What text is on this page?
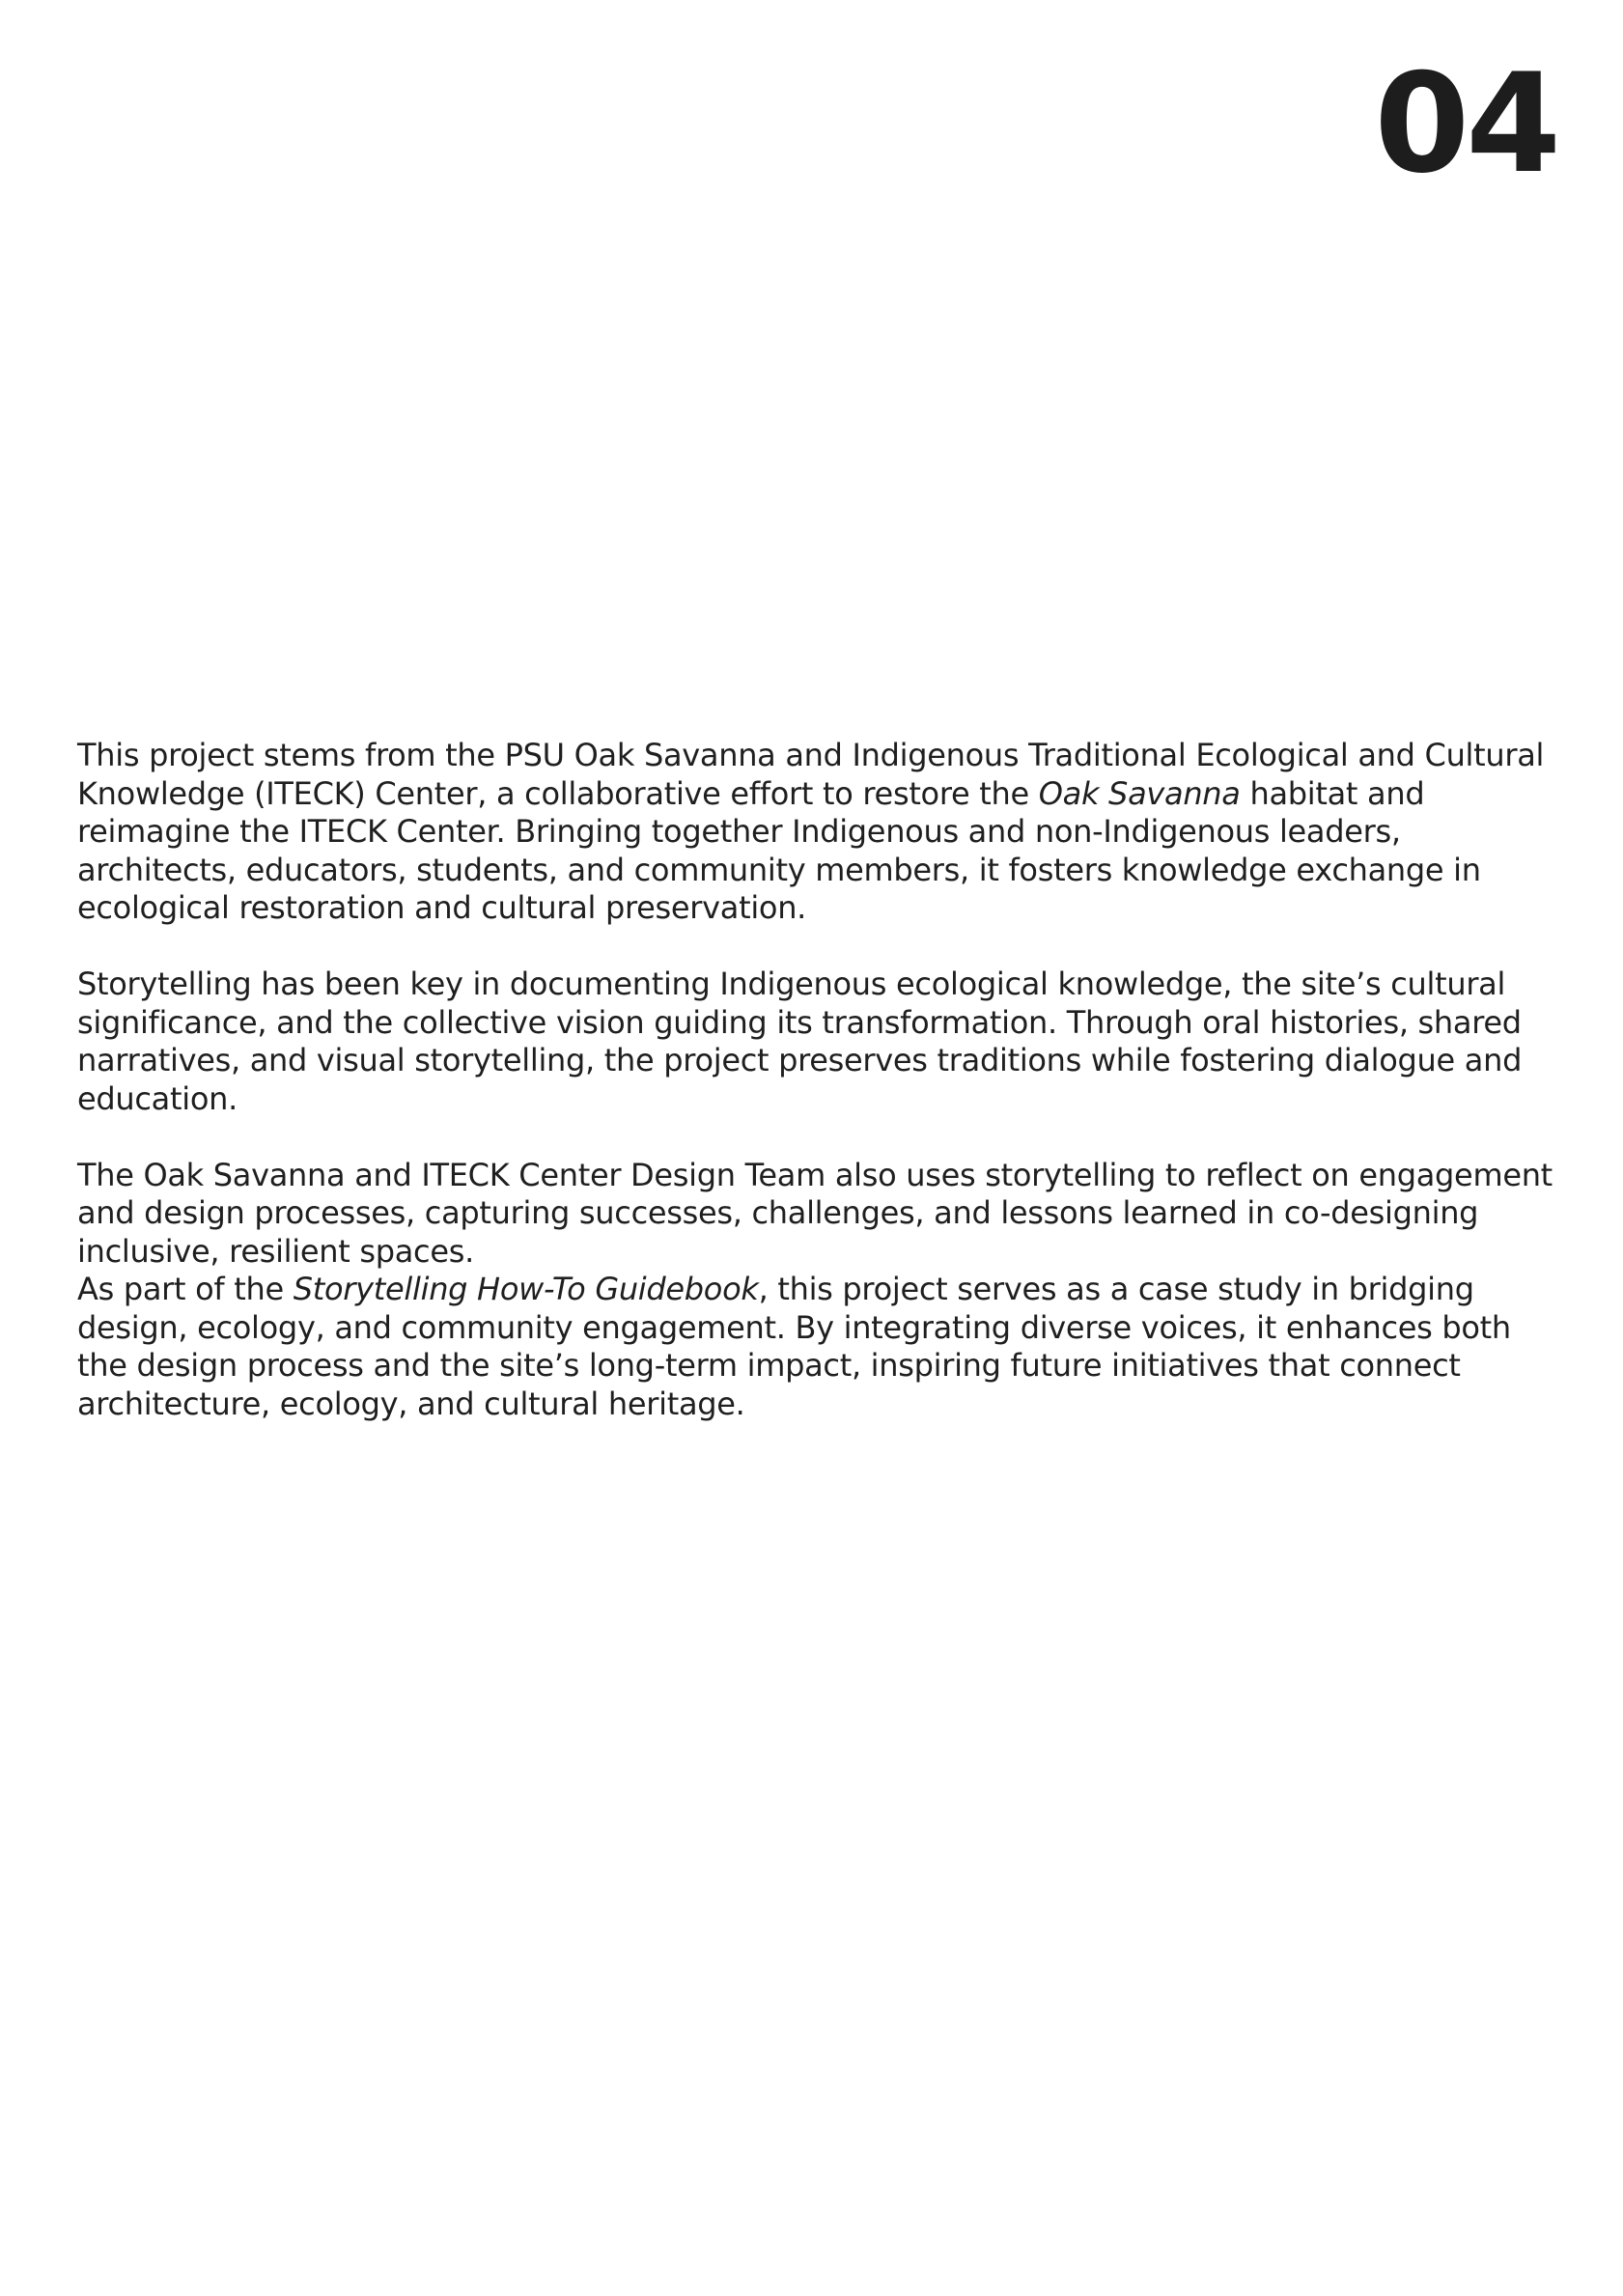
04

This project stems from the PSU Oak Savanna and Indigenous Traditional Ecological and Cultural Knowledge (ITECK) Center, a collaborative effort to restore the Oak Savanna habitat and reimagine the ITECK Center. Bringing together Indigenous and non-Indigenous leaders, architects, educators, students, and community members, it fosters knowledge exchange in ecological restoration and cultural preservation.

Storytelling has been key in documenting Indigenous ecological knowledge, the site’s cultural significance, and the collective vision guiding its transformation. Through oral histories, shared narratives, and visual storytelling, the project preserves traditions while fostering dialogue and education.

The Oak Savanna and ITECK Center Design Team also uses storytelling to reflect on engagement and design processes, capturing successes, challenges, and lessons learned in co-designing inclusive, resilient spaces.

As part of the Storytelling How-To Guidebook, this project serves as a case study in bridging design, ecology, and community engagement. By integrating diverse voices, it enhances both the design process and the site’s long-term impact, inspiring future initiatives that connect architecture, ecology, and cultural heritage.
